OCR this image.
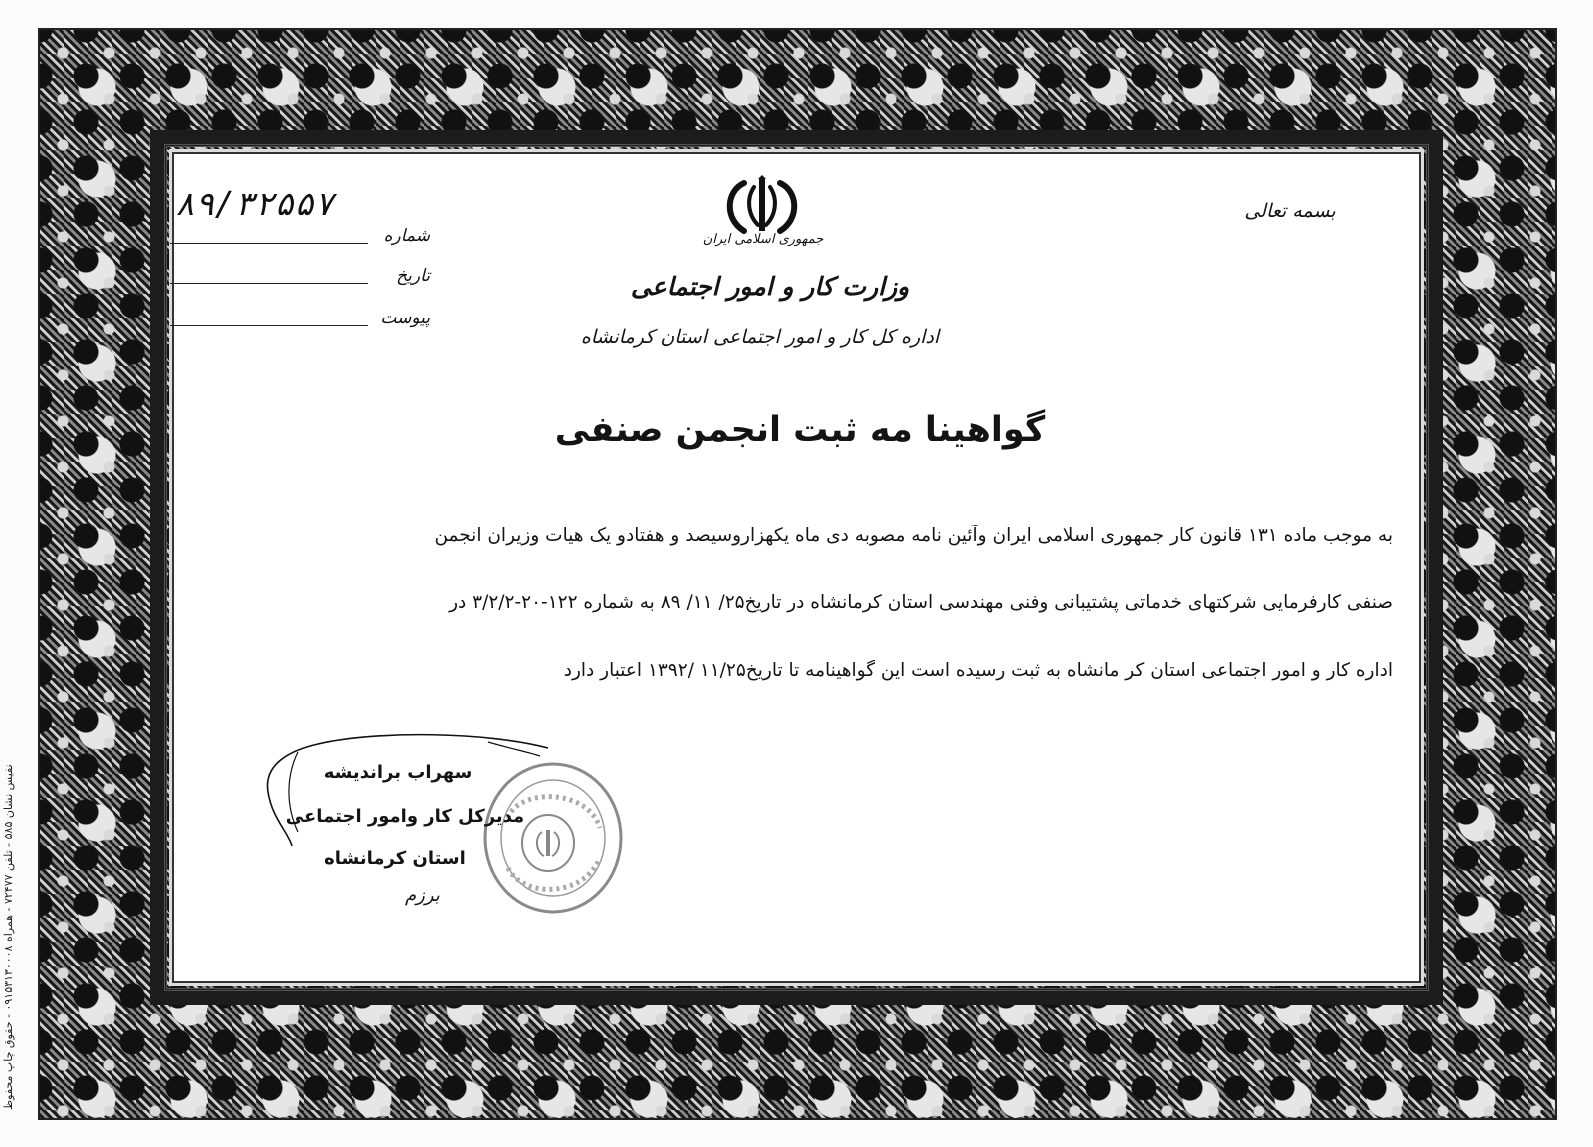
نفیس نشان ۵۸۵ - تلفن ۷۲۴۷۷ - همراه ۰۹۱۵۳۱۳۰۰۰۸ - حقوق چاپ محفوظ
جمهوری اسلامی ایران
وزارت کار و امور اجتماعی
اداره کل کار و امور اجتماعی استان کرمانشاه
بسمه تعالی
۸۹/۳۲۵۵۷
شماره
تاریخ
پیوست
گواهینا مه ثبت انجمن صنفی
به موجب ماده ۱۳۱ قانون کار جمهوری اسلامی ایران وآئین نامه مصوبه دی ماه یکهزاروسیصد و هفتادو یک هیات وزیران انجمن
صنفی کارفرمایی شرکتهای خدماتی پشتیبانی وفنی مهندسی استان کرمانشاه در تاریخ۲۵/ ۱۱/ ۸۹ به شماره ۱۲۲-۲۰-۳/۲/۲ در
اداره کار و امور اجتماعی استان کر مانشاه به ثبت رسیده است این گواهینامه تا تاریخ۱۱/۲۵ /۱۳۹۲ اعتبار دارد
سهراب براندیشه
مدیرکل کار وامور اجتماعی
استان کرمانشاه
برزم
